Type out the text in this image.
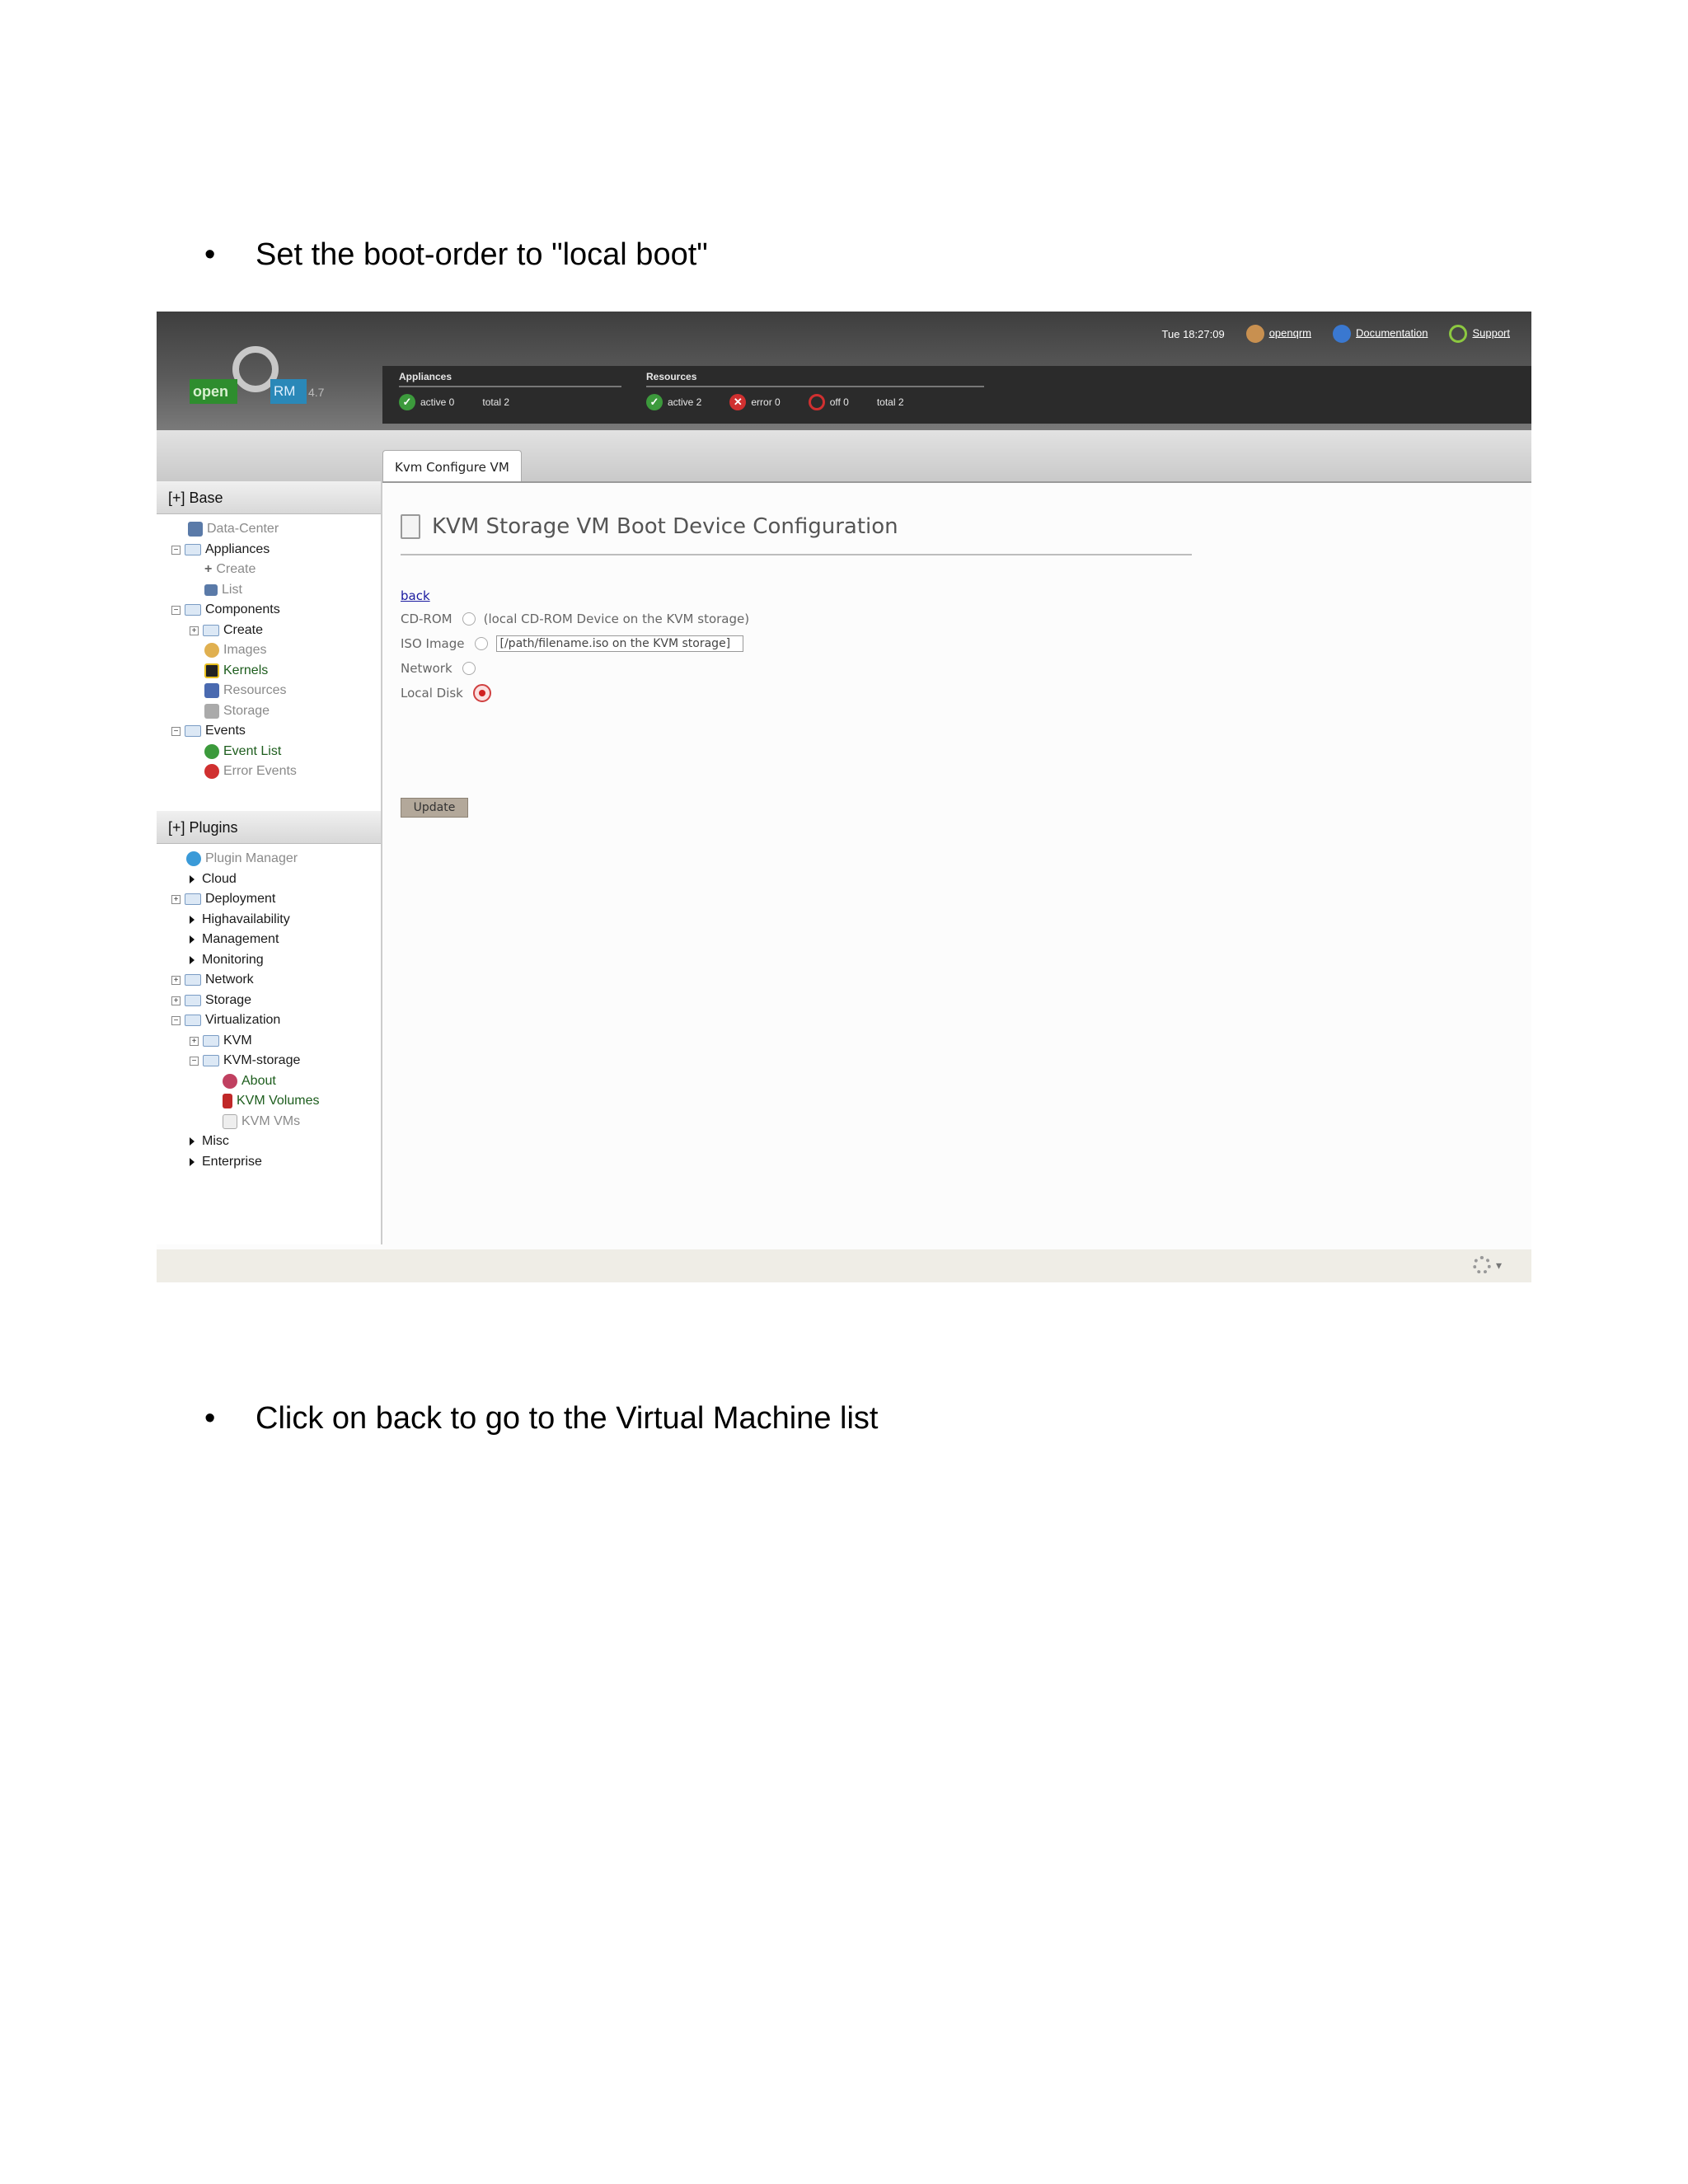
• Set the boot-order to "local boot"
Tue 18:27:09	openqrm	Documentation	Support
open	RM	4.7
Appliances
✓ active 0	total 2
Resources
✓ active 2	✕ error 0	off 0	total 2
Kvm Configure VM
[+] Base
Data-Center
− Appliances
+ Create
List
− Components
+ Create
Images
Kernels
Resources
Storage
− Events
Event List
Error Events
[+] Plugins
Plugin Manager
Cloud
+ Deployment
Highavailability
Management
Monitoring
+ Network
+ Storage
− Virtualization
+ KVM
− KVM-storage
About
KVM Volumes
KVM VMs
Misc
Enterprise
KVM Storage VM Boot Device Configuration
back
CD-ROM	(local CD-ROM Device on the KVM storage)
ISO Image
[/path/filename.iso on the KVM storage]
Network
Local Disk
Update
▾
• Click on back to go to the Virtual Machine list
